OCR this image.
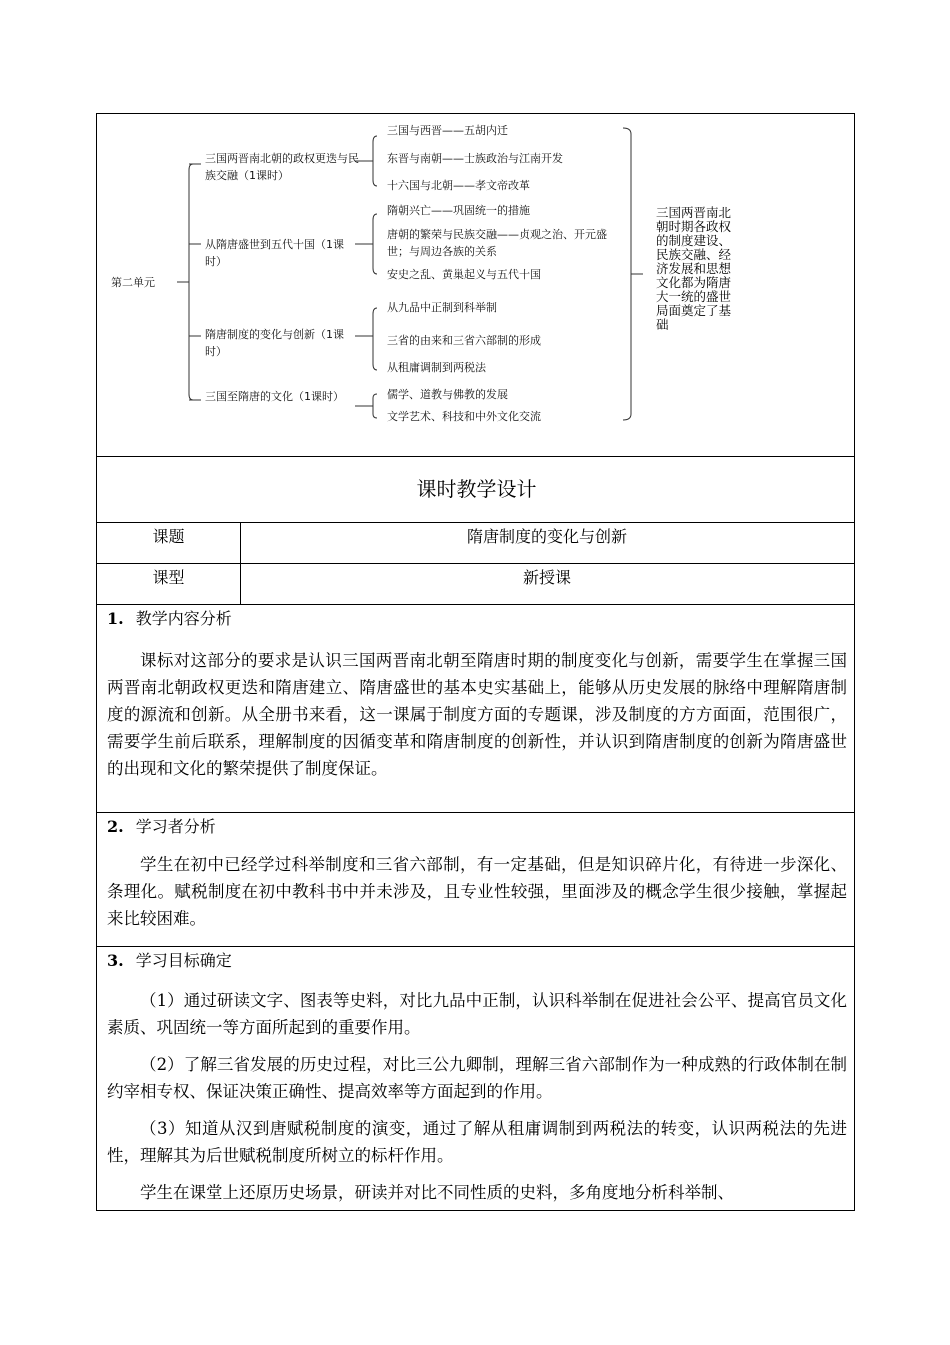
第二单元
三国两晋南北朝的政权更迭与民族交融（1课时）
从隋唐盛世到五代十国（1课时）
隋唐制度的变化与创新（1课时）
三国至隋唐的文化（1课时）
三国与西晋——五胡内迁
东晋与南朝——士族政治与江南开发
十六国与北朝——孝文帝改革
隋朝兴亡——巩固统一的措施
唐朝的繁荣与民族交融——贞观之治、开元盛世；与周边各族的关系
安史之乱、黄巢起义与五代十国
从九品中正制到科举制
三省的由来和三省六部制的形成
从租庸调制到两税法
儒学、道教与佛教的发展
文学艺术、科技和中外文化交流
三国两晋南北朝时期各政权的制度建设、民族交融、经济发展和思想文化都为隋唐大一统的盛世局面奠定了基础
课时教学设计
课题	隋唐制度的变化与创新
课型	新授课
1. 教学内容分析
课标对这部分的要求是认识三国两晋南北朝至隋唐时期的制度变化与创新，需要学生在掌握三国两晋南北朝政权更迭和隋唐建立、隋唐盛世的基本史实基础上，能够从历史发展的脉络中理解隋唐制度的源流和创新。从全册书来看，这一课属于制度方面的专题课，涉及制度的方方面面，范围很广，需要学生前后联系，理解制度的因循变革和隋唐制度的创新性，并认识到隋唐制度的创新为隋唐盛世的出现和文化的繁荣提供了制度保证。
2. 学习者分析
学生在初中已经学过科举制度和三省六部制，有一定基础，但是知识碎片化，有待进一步深化、条理化。赋税制度在初中教科书中并未涉及，且专业性较强，里面涉及的概念学生很少接触，掌握起来比较困难。
3. 学习目标确定
（1）通过研读文字、图表等史料，对比九品中正制，认识科举制在促进社会公平、提高官员文化素质、巩固统一等方面所起到的重要作用。
（2）了解三省发展的历史过程，对比三公九卿制，理解三省六部制作为一种成熟的行政体制在制约宰相专权、保证决策正确性、提高效率等方面起到的作用。
（3）知道从汉到唐赋税制度的演变，通过了解从租庸调制到两税法的转变，认识两税法的先进性，理解其为后世赋税制度所树立的标杆作用。
学生在课堂上还原历史场景，研读并对比不同性质的史料，多角度地分析科举制、
